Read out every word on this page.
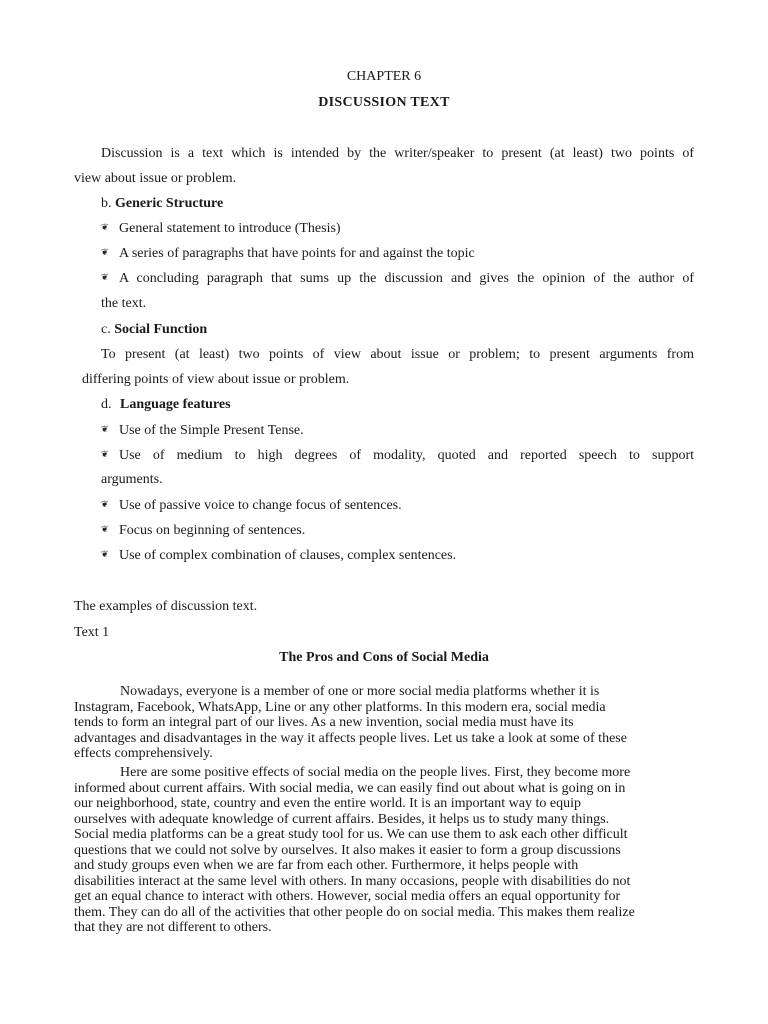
CHAPTER 6
DISCUSSION TEXT
Discussion is a text which is intended by the writer/speaker to present (at least) two points of
view about issue or problem.
b. Generic Structure
❦ General statement to introduce (Thesis)
❦ A series of paragraphs that have points for and against the topic
❦ A concluding paragraph that sums up the discussion and gives the opinion of the author of
the text.
c. Social Function
To present (at least) two points of view about issue or problem; to present arguments from
differing points of view about issue or problem.
d. Language features
❦ Use of the Simple Present Tense.
❦ Use of medium to high degrees of modality, quoted and reported speech to support
arguments.
❦ Use of passive voice to change focus of sentences.
❦ Focus on beginning of sentences.
❦ Use of complex combination of clauses, complex sentences.
The examples of discussion text.
Text 1
The Pros and Cons of Social Media
Nowadays, everyone is a member of one or more social media platforms whether it is
Instagram, Facebook, WhatsApp, Line or any other platforms. In this modern era, social media
tends to form an integral part of our lives. As a new invention, social media must have its
advantages and disadvantages in the way it affects people lives. Let us take a look at some of these
effects comprehensively.
Here are some positive effects of social media on the people lives. First, they become more
informed about current affairs. With social media, we can easily find out about what is going on in
our neighborhood, state, country and even the entire world. It is an important way to equip
ourselves with adequate knowledge of current affairs. Besides, it helps us to study many things.
Social media platforms can be a great study tool for us. We can use them to ask each other difficult
questions that we could not solve by ourselves. It also makes it easier to form a group discussions
and study groups even when we are far from each other. Furthermore, it helps people with
disabilities interact at the same level with others. In many occasions, people with disabilities do not
get an equal chance to interact with others. However, social media offers an equal opportunity for
them. They can do all of the activities that other people do on social media. This makes them realize
that they are not different to others.
